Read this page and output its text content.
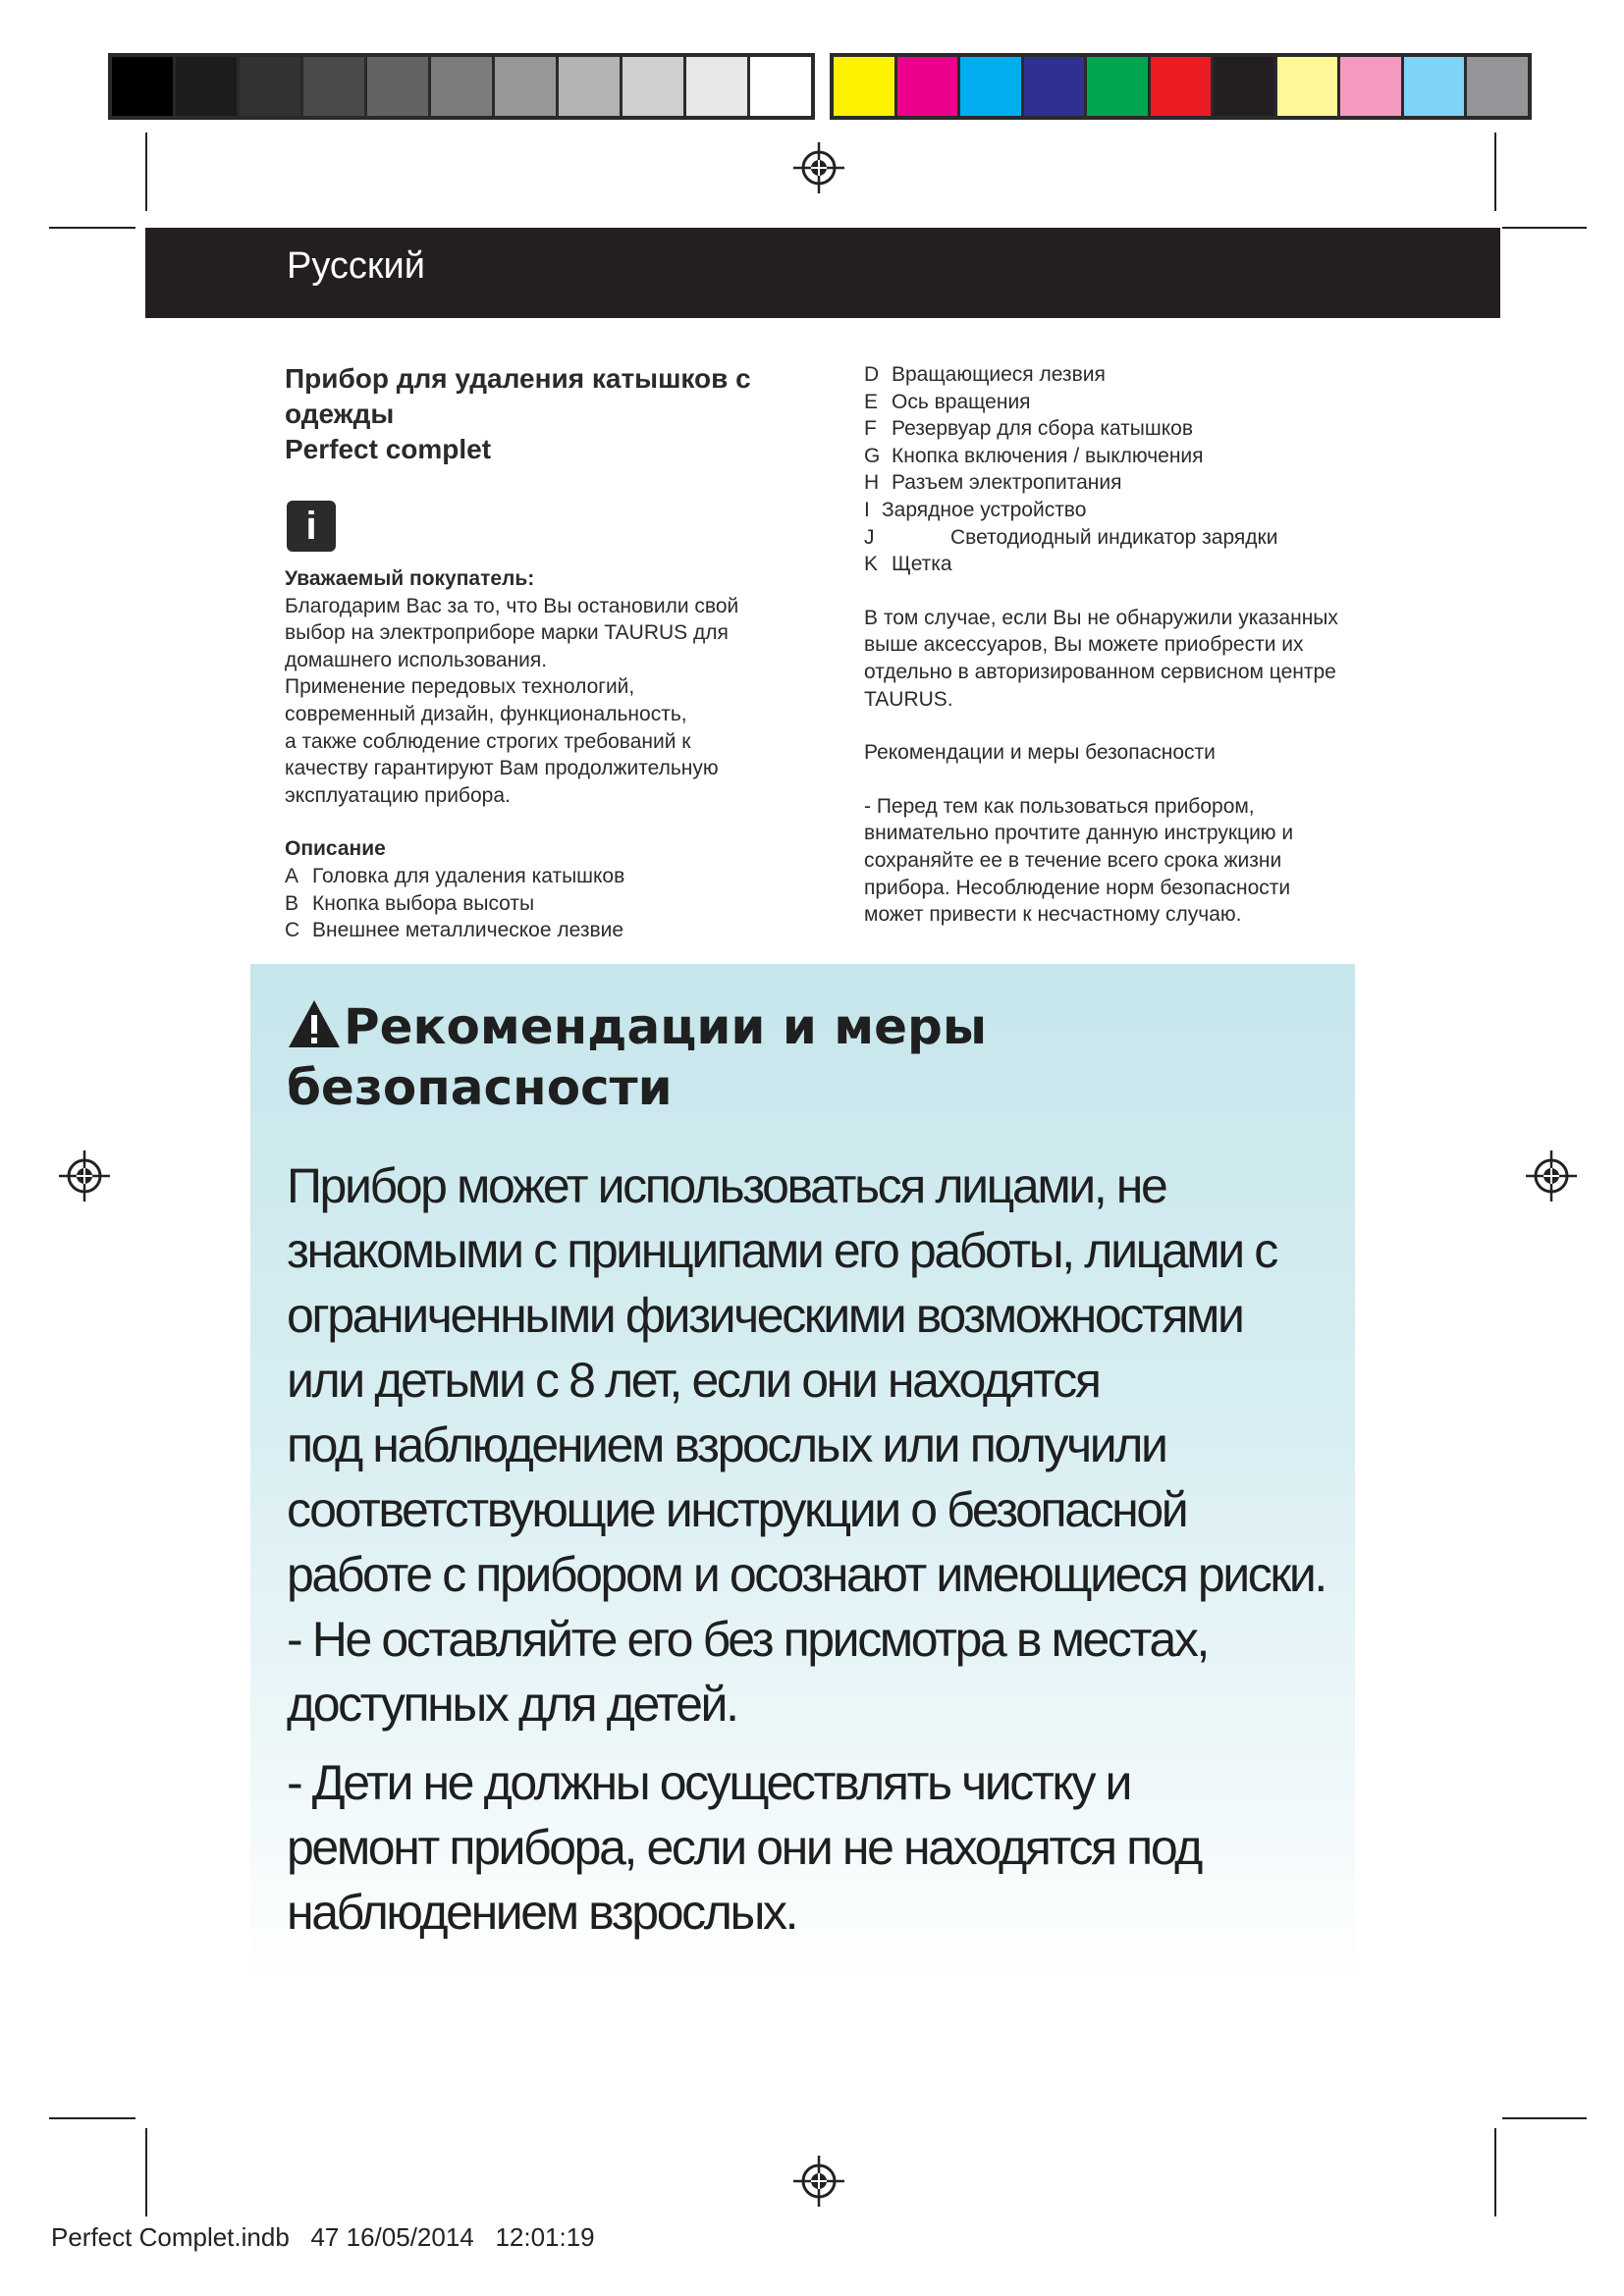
Русский
Прибор для удаления катышков с
одежды
Perfect complet
i
Уважаемый покупатель:

Благодарим Вас за то, что Вы остановили свой

выбор на электроприборе марки TAURUS для

домашнего использования.

Применение передовых технологий,

современный дизайн, функциональность,

а также соблюдение строгих требований к

качеству гарантируют Вам продолжительную

эксплуатацию прибора.

Описание
A Головка для удаления катышков
B Кнопка выбора высоты
C Внешнее металлическое лезвие
D Вращающиеся лезвия
E Ось вращения
F Резервуар для сбора катышков
G Кнопка включения / выключения
H Разъем электропитания
I Зарядное устройство
J	Светодиодный индикатор зарядки
K Щетка

В том случае, если Вы не обнаружили указанных

выше аксессуаров, Вы можете приобрести их

отдельно в авторизированном сервисном центре

TAURUS.

Рекомендации и меры безопасности

- Перед тем как пользоваться прибором,

внимательно прочтите данную инструкцию и

сохраняйте ее в течение всего срока жизни

прибора. Несоблюдение норм безопасности

может привести к несчастному случаю.

Рекомендации и меры
безопасности
Прибор может использоваться лицами, не
знакомыми с принципами его работы, лицами с
ограниченными физическими возможностями
или детьми с 8 лет, если они находятся
под наблюдением взрослых или получили
соответствующие инструкции о безопасной
работе с прибором и осознают имеющиеся риски.
- Не оставляйте его без присмотра в местах,
доступных для детей.
- Дети не должны осуществлять чистку и
ремонт прибора, если они не находятся под
наблюдением взрослых.
Perfect Complet.indb 47 16/05/2014 12:01:19
